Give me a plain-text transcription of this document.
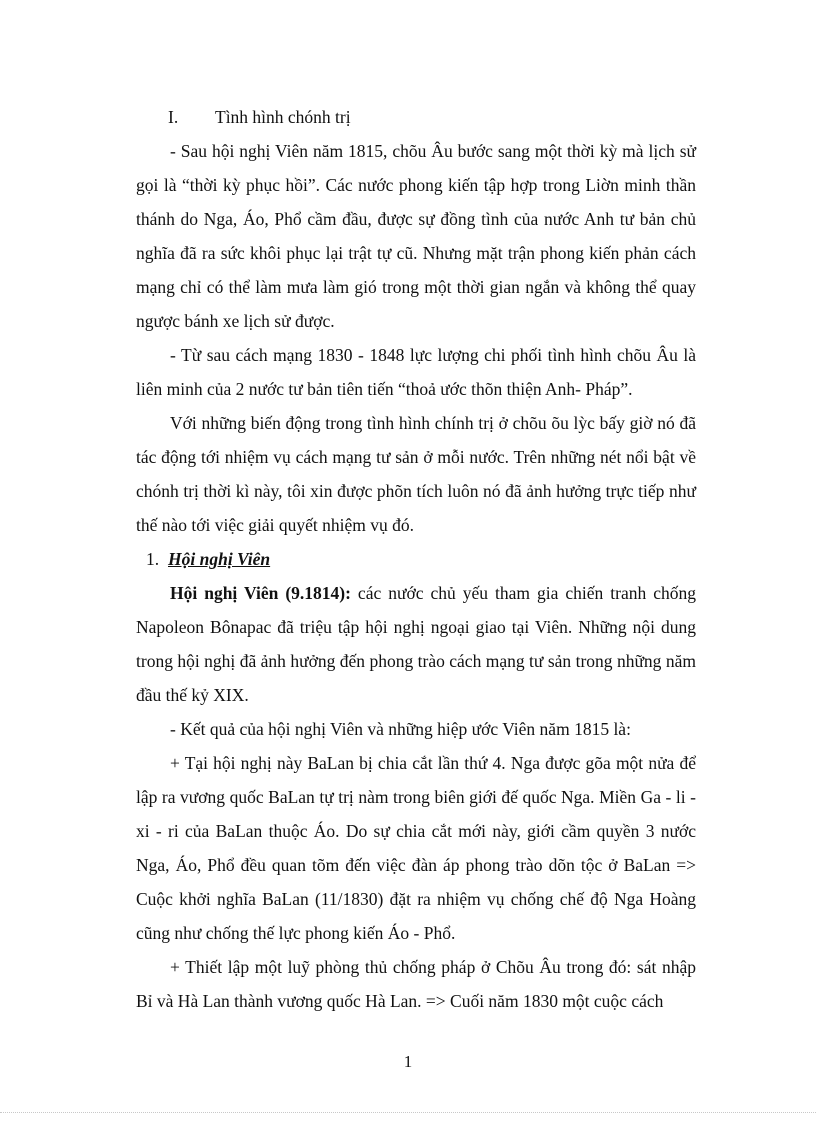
I. Tình hình chónh trị

- Sau hội nghị Viên năm 1815, chõu Âu bước sang một thời kỳ mà lịch sử gọi là “thời kỳ phục hồi”. Các nước phong kiến tập hợp trong Liờn minh thần thánh do Nga, Áo, Phổ cầm đầu, được sự đồng tình của nước Anh tư bản chủ nghĩa đã ra sức khôi phục lại trật tự cũ. Nhưng mặt trận phong kiến phản cách mạng chỉ có thể làm mưa làm gió trong một thời gian ngắn và không thể quay ngược bánh xe lịch sử được.

- Từ sau cách mạng 1830 - 1848 lực lượng chi phối tình hình chõu Âu là liên minh của 2 nước tư bản tiên tiến “thoả ước thõn thiện Anh- Pháp”.

Với những biến động trong tình hình chính trị ở chõu õu lỳc bấy giờ nó đã tác động tới nhiệm vụ cách mạng tư sản ở mỗi nước. Trên những nét nổi bật về chónh trị thời kì này, tôi xin được phõn tích luôn nó đã ảnh hưởng trực tiếp như thế nào tới việc giải quyết nhiệm vụ đó.

1. Hội nghị Viên

Hội nghị Viên (9.1814): các nước chủ yếu tham gia chiến tranh chống Napoleon Bônapac đã triệu tập hội nghị ngoại giao tại Viên. Những nội dung trong hội nghị đã ảnh hưởng đến phong trào cách mạng tư sản trong những năm đầu thế kỷ XIX.

- Kết quả của hội nghị Viên và những hiệp ước Viên năm 1815 là:

+ Tại hội nghị này BaLan bị chia cắt lần thứ 4. Nga được gõa một nửa để lập ra vương quốc BaLan tự trị nàm trong biên giới đế quốc Nga. Miền Ga - li - xi - ri của BaLan thuộc Áo. Do sự chia cắt mới này, giới cầm quyền 3 nước Nga, Áo, Phổ đều quan tõm đến việc đàn áp phong trào dõn tộc ở BaLan => Cuộc khởi nghĩa BaLan (11/1830) đặt ra nhiệm vụ chống chế độ Nga Hoàng cũng như chống thế lực phong kiến Áo - Phổ.

+ Thiết lập một luỹ phòng thủ chống pháp ở Chõu Âu trong đó: sát nhập Bỉ và Hà Lan thành vương quốc Hà Lan. => Cuối năm 1830 một cuộc cách

1
